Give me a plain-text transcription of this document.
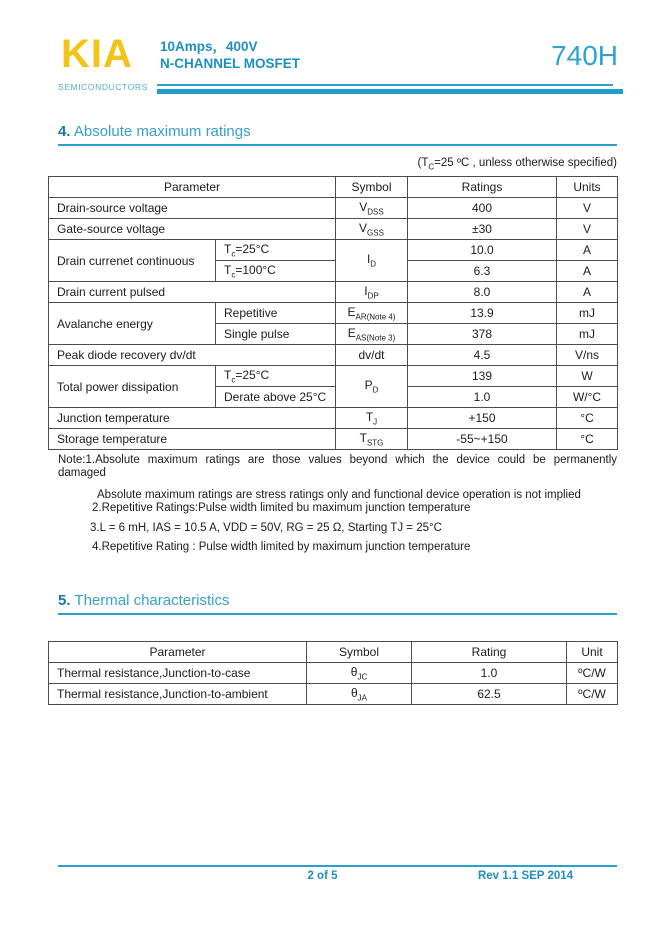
KIA
SEMICONDUCTORS
10Amps，400V
N-CHANNEL MOSFET	740H
4. Absolute maximum ratings
($T_C=25$ ºC , unless otherwise specified)
Parameter		Symbol	Ratings	Units
Drain-source voltage		$V_{DSS}$	400	V
Gate-source voltage		$V_{GSS}$	±30	V
Drain currenet continuous	$T_c=25^\circ C$	$I_D$	10.0	A
	$T_c=100^\circ C$		6.3	A
Drain current pulsed		$I_{DP}$	8.0	A
Avalanche energy	Repetitive	$E_{AR(Note 4)}$	13.9	mJ
	Single pulse	$E_{AS(Note 3)}$	378	mJ
Peak diode recovery dv/dt		dv/dt	4.5	V/ns
Total power dissipation	$T_c=25^\circ C$	$P_D$	139	W
	Derate above 25°C		1.0	W/°C
Junction temperature		$T_J$	+150	°C
Storage temperature		$T_{STG}$	-55~+150	°C
Note:1.Absolute maximum ratings are those values beyond which the device could be permanently
damaged
Absolute maximum ratings are stress ratings only and functional device operation is not implied
2.Repetitive Ratings:Pulse width limited bu maximum junction temperature
3.L = 6 mH, IAS = 10.5 A, VDD = 50V, RG = 25 Ω, Starting TJ = 25°C
4.Repetitive Rating : Pulse width limited by maximum junction temperature
5. Thermal characteristics
Parameter	Symbol	Rating	Unit
Thermal resistance,Junction-to-case	$\theta_{JC}$	1.0	ºC/W
Thermal resistance,Junction-to-ambient	$\theta_{JA}$	62.5	ºC/W
2 of 5	Rev 1.1 SEP 2014
